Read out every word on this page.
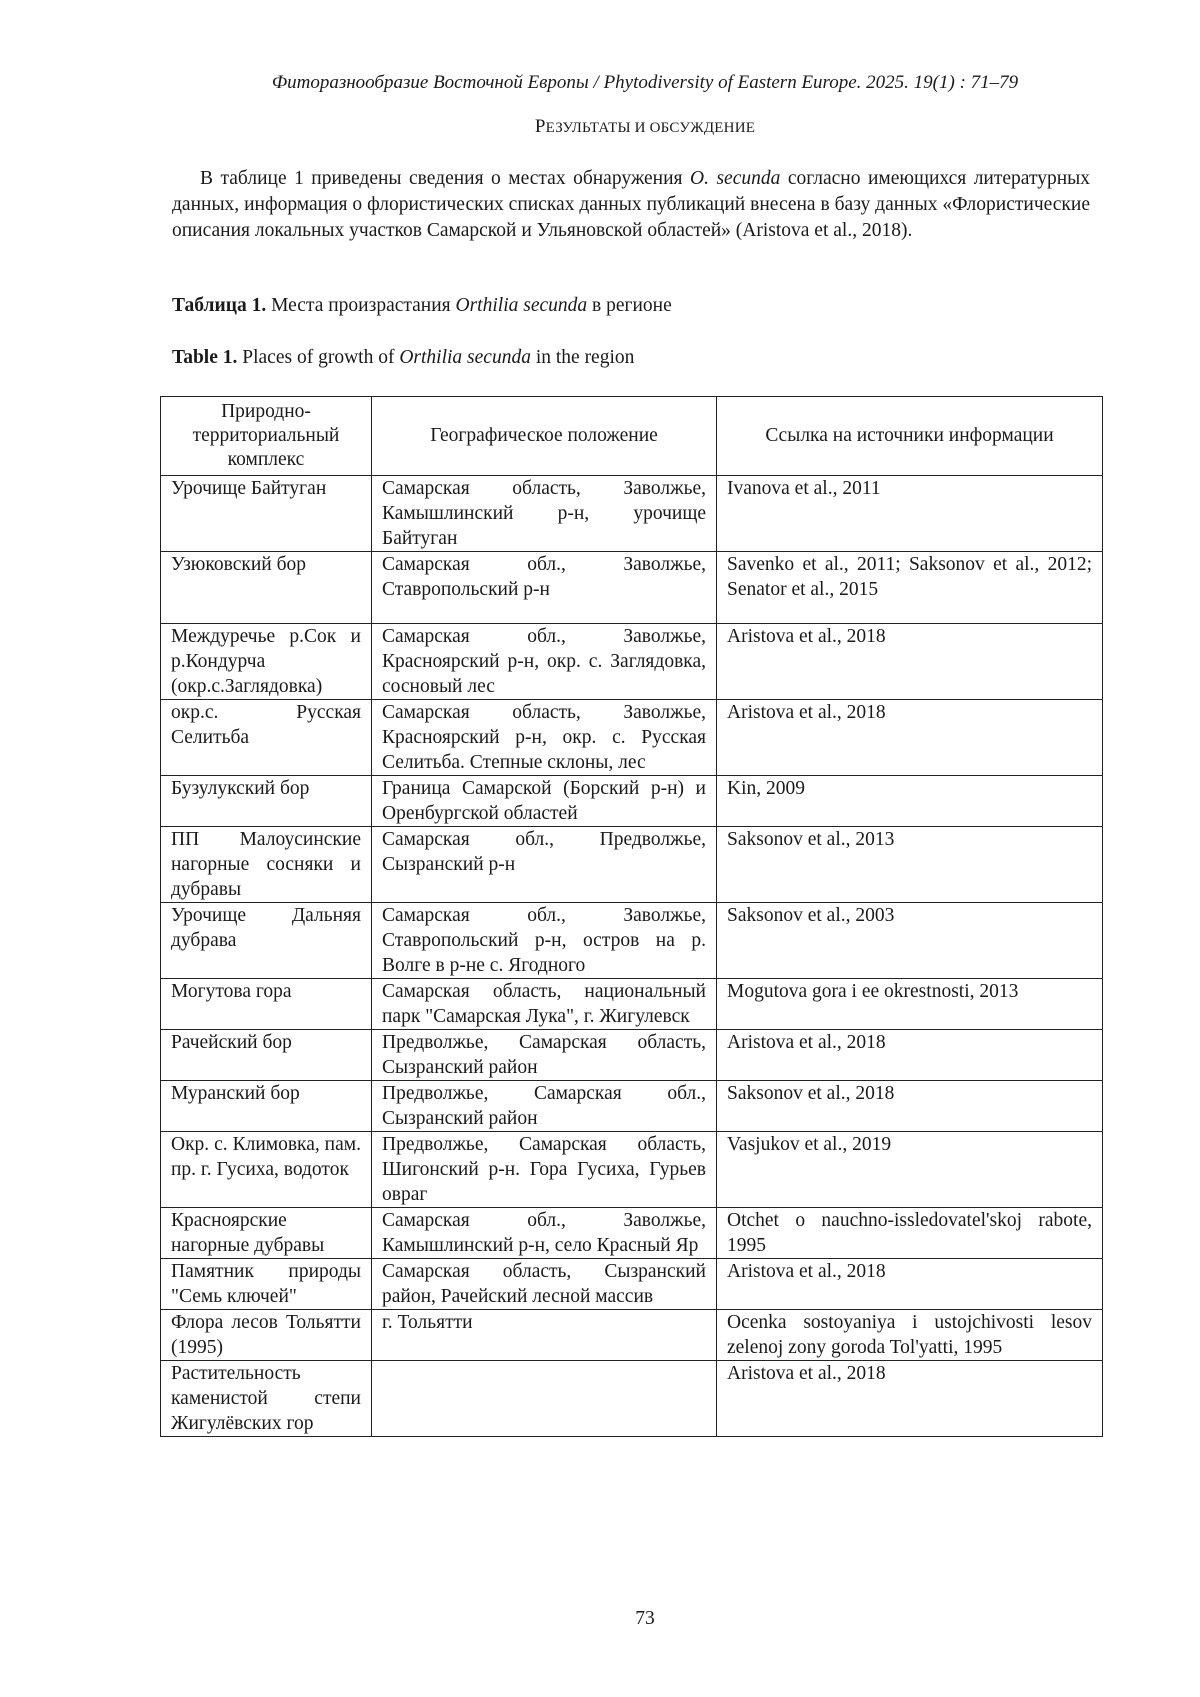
Фиторазнообразие Восточной Европы / Phytodiversity of Eastern Europe. 2025. 19(1) : 71–79
РЕЗУЛЬТАТЫ И ОБСУЖДЕНИЕ

В таблице 1 приведены сведения о местах обнаружения O. secunda согласно имеющихся литературных данных, информация о флористических списках данных публикаций внесена в базу данных «Флористические описания локальных участков Самарской и Ульяновской областей» (Aristova et al., 2018).

Таблица 1. Места произрастания Orthilia secunda в регионе

Table 1. Places of growth of Orthilia secunda in the region

Природно-территориальный комплекс	Географическое положение	Ссылка на источники информации
Урочище Байтуган	Самарская область, Заволжье, Камышлинский р-н, урочище Байтуган	Ivanova et al., 2011
Узюковский бор	Самарская обл., Заволжье, Ставропольский р-н	Savenko et al., 2011; Saksonov et al., 2012; Senator et al., 2015
Междуречье р.Сок и р.Кондурча (окр.с.Заглядовка)	Самарская обл., Заволжье, Красноярский р-н, окр. с. Заглядовка, сосновый лес	Aristova et al., 2018
окр.с. Русская Селитьба	Самарская область, Заволжье, Красноярский р-н, окр. с. Русская Селитьба. Степные склоны, лес	Aristova et al., 2018
Бузулукский бор	Граница Самарской (Борский р-н) и Оренбургской областей	Kin, 2009
ПП Малоусинские нагорные сосняки и дубравы	Самарская обл., Предволжье, Сызранский р-н	Saksonov et al., 2013
Урочище Дальняя дубрава	Самарская обл., Заволжье, Ставропольский р-н, остров на р. Волге в р-не с. Ягодного	Saksonov et al., 2003
Могутова гора	Самарская область, национальный парк "Самарская Лука", г. Жигулевск	Mogutova gora i ee okrestnosti, 2013
Рачейский бор	Предволжье, Самарская область, Сызранский район	Aristova et al., 2018
Муранский бор	Предволжье, Самарская обл., Сызранский район	Saksonov et al., 2018
Окр. с. Климовка, пам. пр. г. Гусиха, водоток	Предволжье, Самарская область, Шигонский р-н. Гора Гусиха, Гурьев овраг	Vasjukov et al., 2019
Красноярские нагорные дубравы	Самарская обл., Заволжье, Камышлинский р-н, село Красный Яр	Otchet o nauchno-issledovatel'skoj rabote, 1995
Памятник природы "Семь ключей"	Самарская область, Сызранский район, Рачейский лесной массив	Aristova et al., 2018
Флора лесов Тольятти (1995)	г. Тольятти	Ocenka sostoyaniya i ustojchivosti lesov zelenoj zony goroda Tol'yatti, 1995
Растительность каменистой степи Жигулёвских гор		Aristova et al., 2018
73
